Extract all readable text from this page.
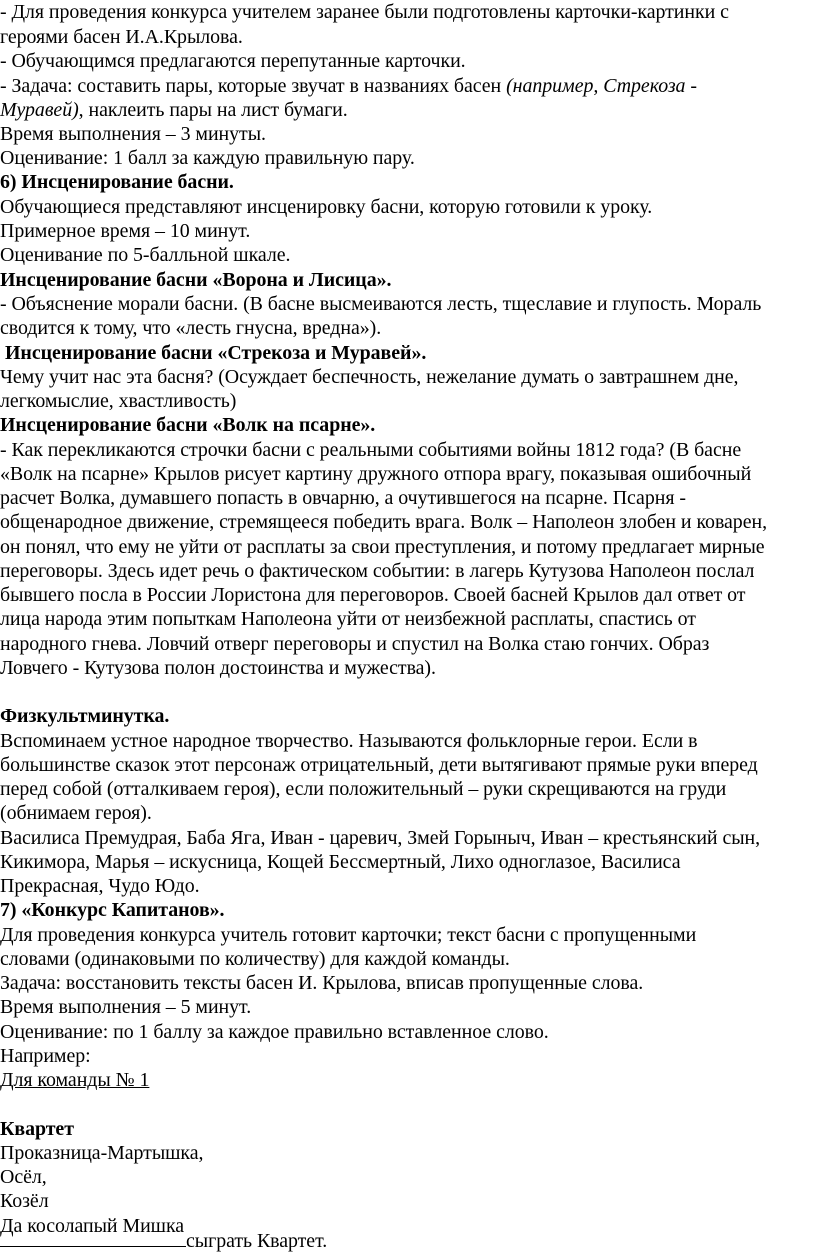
- Для проведения конкурса учителем заранее были подготовлены карточки-картинки с
героями басен И.А.Крылова.
- Обучающимся предлагаются перепутанные карточки.
- Задача: составить пары, которые звучат в названиях басен (например, Стрекоза -
Муравей), наклеить пары на лист бумаги.
Время выполнения – 3 минуты.
Оценивание: 1 балл за каждую правильную пару.
6) Инсценирование басни.
Обучающиеся представляют инсценировку басни, которую готовили к уроку.
Примерное время – 10 минут.
Оценивание по 5-балльной шкале.
Инсценирование басни «Ворона и Лисица».
- Объяснение морали басни. (В басне высмеиваются лесть, тщеславие и глупость. Мораль
сводится к тому, что «лесть гнусна, вредна»).
Инсценирование басни «Стрекоза и Муравей».
Чему учит нас эта басня? (Осуждает беспечность, нежелание думать о завтрашнем дне,
легкомыслие, хвастливость)
Инсценирование басни «Волк на псарне».
- Как перекликаются строчки басни с реальными событиями войны 1812 года? (В басне
«Волк на псарне» Крылов рисует картину дружного отпора врагу, показывая ошибочный
расчет Волка, думавшего попасть в овчарню, а очутившегося на псарне. Псарня -
общенародное движение, стремящееся победить врага. Волк – Наполеон злобен и коварен,
он понял, что ему не уйти от расплаты за свои преступления, и потому предлагает мирные
переговоры. Здесь идет речь о фактическом событии: в лагерь Кутузова Наполеон послал
бывшего посла в России Лористона для переговоров. Своей басней Крылов дал ответ от
лица народа этим попыткам Наполеона уйти от неизбежной расплаты, спастись от
народного гнева. Ловчий отверг переговоры и спустил на Волка стаю гончих. Образ
Ловчего - Кутузова полон достоинства и мужества).
Физкультминутка.
Вспоминаем устное народное творчество. Называются фольклорные герои. Если в
большинстве сказок этот персонаж отрицательный, дети вытягивают прямые руки вперед
перед собой (отталкиваем героя), если положительный – руки скрещиваются на груди
(обнимаем героя).
Василиса Премудрая, Баба Яга, Иван - царевич, Змей Горыныч, Иван – крестьянский сын,
Кикимора, Марья – искусница, Кощей Бессмертный, Лихо одноглазое, Василиса
Прекрасная, Чудо Юдо.
7) «Конкурс Капитанов».
Для проведения конкурса учитель готовит карточки; текст басни с пропущенными
словами (одинаковыми по количеству) для каждой команды.
Задача: восстановить тексты басен И. Крылова, вписав пропущенные слова.
Время выполнения – 5 минут.
Оценивание: по 1 баллу за каждое правильно вставленное слово.
Например:
Для команды № 1
Квартет
Проказница-Мартышка,
Осёл,
Козёл
Да косолапый Мишка
сыграть Квартет.
